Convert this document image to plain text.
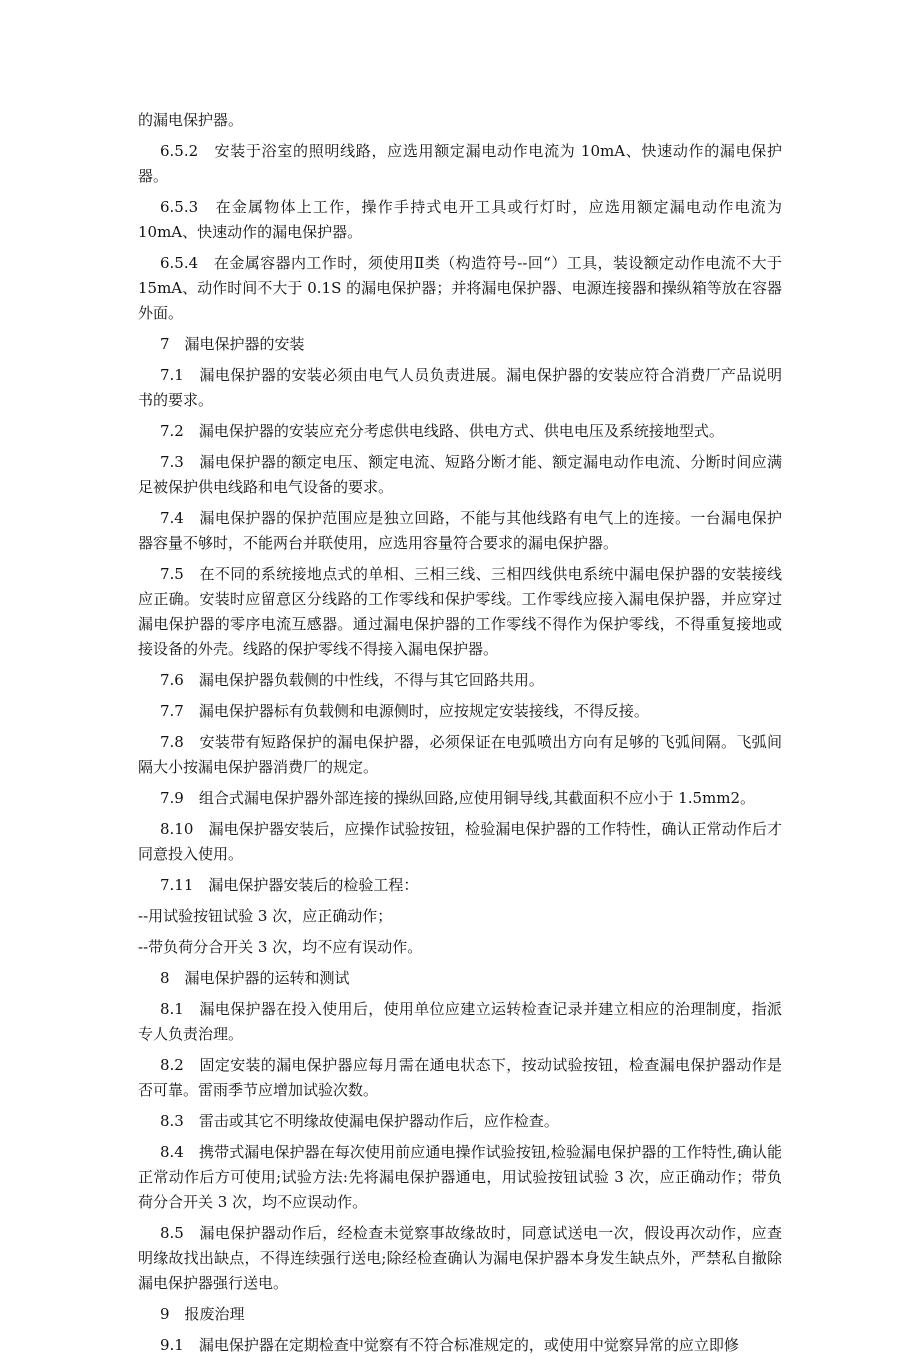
的漏电保护器。

6.5.2　安装于浴室的照明线路，应选用额定漏电动作电流为 10mA、快速动作的漏电保护器。

6.5.3　在金属物体上工作，操作手持式电开工具或行灯时，应选用额定漏电动作电流为 10mA、快速动作的漏电保护器。

6.5.4　在金属容器内工作时，须使用Ⅱ类（构造符号--回“）工具，装设额定动作电流不大于 15mA、动作时间不大于 0.1S 的漏电保护器；并将漏电保护器、电源连接器和操纵箱等放在容器外面。

7　漏电保护器的安装

7.1　漏电保护器的安装必须由电气人员负责进展。漏电保护器的安装应符合消费厂产品说明书的要求。

7.2　漏电保护器的安装应充分考虑供电线路、供电方式、供电电压及系统接地型式。

7.3　漏电保护器的额定电压、额定电流、短路分断才能、额定漏电动作电流、分断时间应满足被保护供电线路和电气设备的要求。

7.4　漏电保护器的保护范围应是独立回路，不能与其他线路有电气上的连接。一台漏电保护器容量不够时，不能两台并联使用，应选用容量符合要求的漏电保护器。

7.5　在不同的系统接地点式的单相、三相三线、三相四线供电系统中漏电保护器的安装接线应正确。安装时应留意区分线路的工作零线和保护零线。工作零线应接入漏电保护器，并应穿过漏电保护器的零序电流互感器。通过漏电保护器的工作零线不得作为保护零线，不得重复接地或接设备的外壳。线路的保护零线不得接入漏电保护器。

7.6　漏电保护器负载侧的中性线，不得与其它回路共用。

7.7　漏电保护器标有负载侧和电源侧时，应按规定安装接线，不得反接。

7.8　安装带有短路保护的漏电保护器，必须保证在电弧喷出方向有足够的飞弧间隔。飞弧间隔大小按漏电保护器消费厂的规定。

7.9　组合式漏电保护器外部连接的操纵回路,应使用铜导线,其截面积不应小于 1.5mm2。

8.10　漏电保护器安装后，应操作试验按钮，检验漏电保护器的工作特性，确认正常动作后才同意投入使用。

7.11　漏电保护器安装后的检验工程：

--用试验按钮试验 3 次，应正确动作；

--带负荷分合开关 3 次，均不应有误动作。

8　漏电保护器的运转和测试

8.1　漏电保护器在投入使用后，使用单位应建立运转检查记录并建立相应的治理制度，指派专人负责治理。

8.2　固定安装的漏电保护器应每月需在通电状态下，按动试验按钮，检查漏电保护器动作是否可靠。雷雨季节应增加试验次数。

8.3　雷击或其它不明缘故使漏电保护器动作后，应作检查。

8.4　携带式漏电保护器在每次使用前应通电操作试验按钮,检验漏电保护器的工作特性,确认能正常动作后方可使用;试验方法:先将漏电保护器通电，用试验按钮试验 3 次，应正确动作；带负荷分合开关 3 次，均不应误动作。

8.5　漏电保护器动作后，经检查未觉察事故缘故时，同意试送电一次，假设再次动作，应查明缘故找出缺点，不得连续强行送电;除经检查确认为漏电保护器本身发生缺点外，严禁私自撤除漏电保护器强行送电。

9　报废治理

9.1　漏电保护器在定期检查中觉察有不符合标准规定的，或使用中觉察异常的应立即修
